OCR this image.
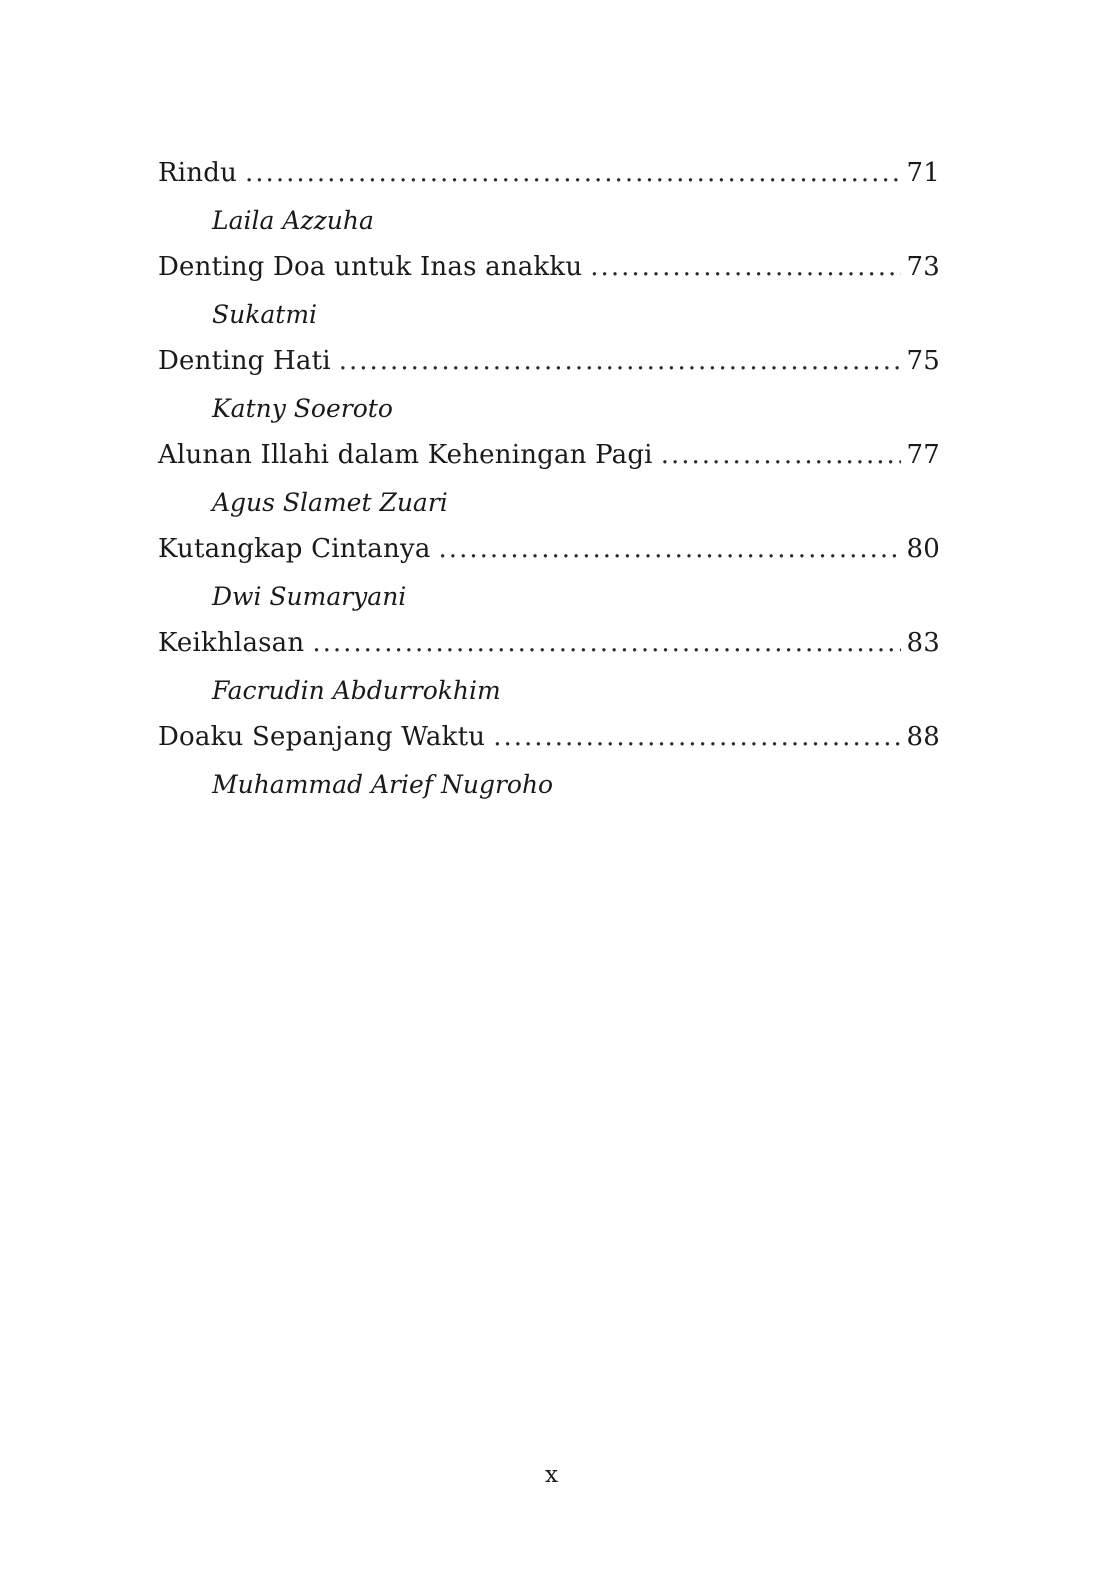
Rindu .....	71
Laila Azzuha
Denting Doa untuk Inas anakku .....	73
Sukatmi
Denting Hati .....	75
Katny Soeroto
Alunan Illahi dalam Keheningan Pagi .....	77
Agus Slamet Zuari
Kutangkap Cintanya .....	80
Dwi Sumaryani
Keikhlasan .....	83
Facrudin Abdurrokhim
Doaku Sepanjang Waktu .....	88
Muhammad Arief Nugroho
x
